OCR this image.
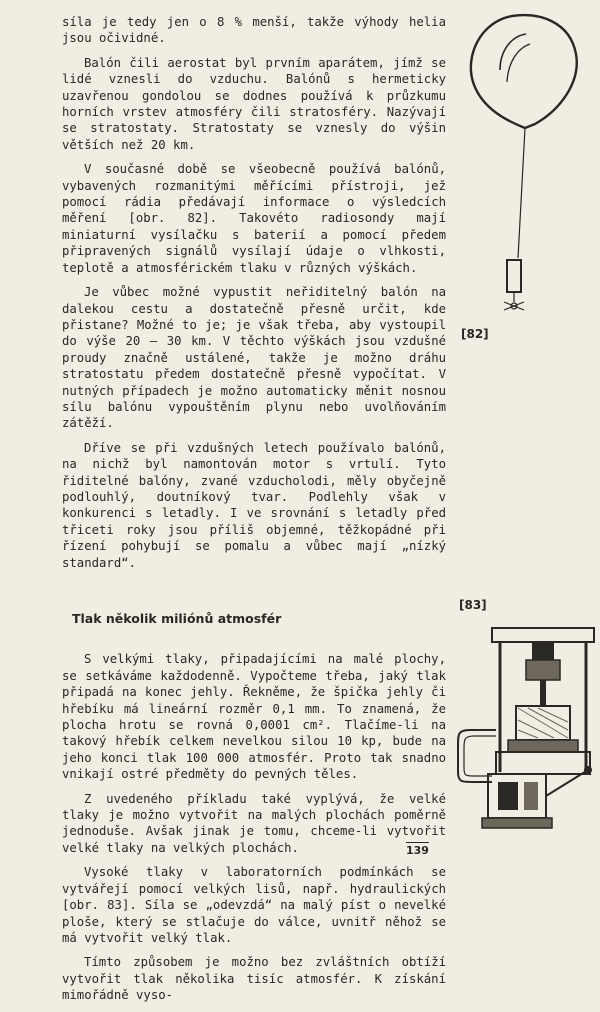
síla je tedy jen o 8 % menší, takže výhody helia jsou očividné.

Balón čili aerostat byl prvním aparátem, jímž se lidé vznesli do vzduchu. Balónů s hermeticky uzavřenou gondolou se dodnes používá k průzkumu horních vrstev atmosféry čili stratosféry. Nazývají se stratostaty. Stratostaty se vznesly do výšin větších než 20 km.

V současné době se všeobecně používá balónů, vybavených rozmanitými měřícími přístroji, jež pomocí rádia předávají informace o výsledcích měření [obr. 82]. Takovéto radiosondy mají miniaturní vysílačku s baterií a pomocí předem připravených signálů vysílají údaje o vlhkosti, teplotě a atmosférickém tlaku v různých výškách.

Je vůbec možné vypustit neřiditelný balón na dalekou cestu a dostatečně přesně určit, kde přistane? Možné to je; je však třeba, aby vystoupil do výše 20 — 30 km. V těchto výškách jsou vzdušné proudy značně ustálené, takže je možno dráhu stratostatu předem dostatečně přesně vypočítat. V nutných případech je možno automaticky měnit nosnou sílu balónu vypouštěním plynu nebo uvolňováním zátěží.

Dříve se při vzdušných letech používalo balónů, na nichž byl namontován motor s vrtulí. Tyto řiditelné balóny, zvané vzducholodi, měly obyčejně podlouhlý, doutníkový tvar. Podlehly však v konkurenci s letadly. I ve srovnání s letadly před třiceti roky jsou příliš objemné, těžkopádné při řízení pohybují se pomalu a vůbec mají „nízký standard“.

Tlak několik miliónů atmosfér

S velkými tlaky, připadajícími na malé plochy, se setkáváme každodenně. Vypočteme třeba, jaký tlak připadá na konec jehly. Řekněme, že špička jehly či hřebíku má lineární rozměr 0,1 mm. To znamená, že plocha hrotu se rovná 0,0001 cm². Tlačíme-li na takový hřebík celkem nevelkou silou 10 kp, bude na jeho konci tlak 100 000 atmosfér. Proto tak snadno vnikají ostré předměty do pevných těles.

Z uvedeného příkladu také vyplývá, že velké tlaky je možno vytvořit na malých plochách poměrně jednoduše. Avšak jinak je tomu, chceme-li vytvořit velké tlaky na velkých plochách.

Vysoké tlaky v laboratorních podmínkách se vytvářejí pomocí velkých lisů, např. hydraulických [obr. 83]. Síla se „odevzdá“ na malý píst o nevelké ploše, který se stlačuje do válce, uvnitř něhož se má vytvořit velký tlak.

Tímto způsobem je možno bez zvláštních obtíží vytvořit tlak několika tisíc atmosfér. K získání mimořádně vyso-

[82]
[83]
139
